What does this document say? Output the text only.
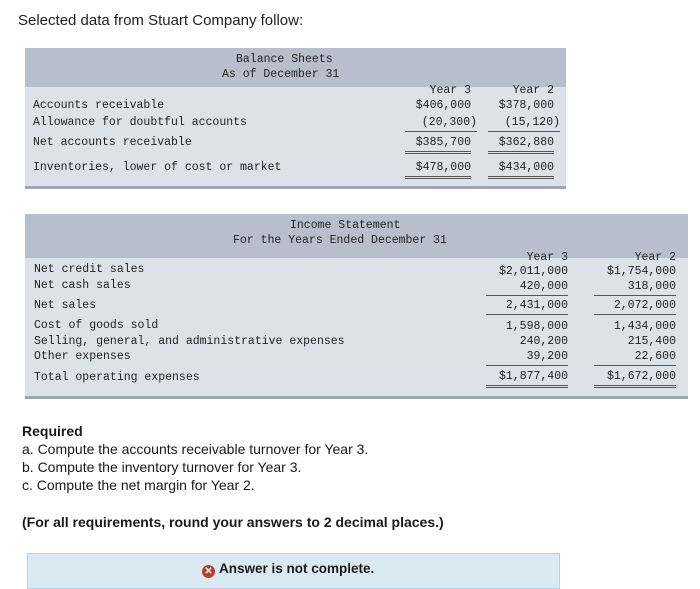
Selected data from Stuart Company follow:
Balance Sheets
As of December 31
Year 3	Year 2
Accounts receivable	$406,000	$378,000
Allowance for doubtful accounts	(20,300)	(15,120)
Net accounts receivable	$385,700	$362,880
Inventories, lower of cost or market	$478,000	$434,000
Income Statement
For the Years Ended December 31
Year 3	Year 2
Net credit sales	$2,011,000	$1,754,000
Net cash sales	420,000	318,000
Net sales	2,431,000	2,072,000
Cost of goods sold	1,598,000	1,434,000
Selling, general, and administrative expenses	240,200	215,400
Other expenses	39,200	22,600
Total operating expenses	$1,877,400	$1,672,000
Required
a. Compute the accounts receivable turnover for Year 3.
b. Compute the inventory turnover for Year 3.
c. Compute the net margin for Year 2.
(For all requirements, round your answers to 2 decimal places.)
✕ Answer is not complete.
